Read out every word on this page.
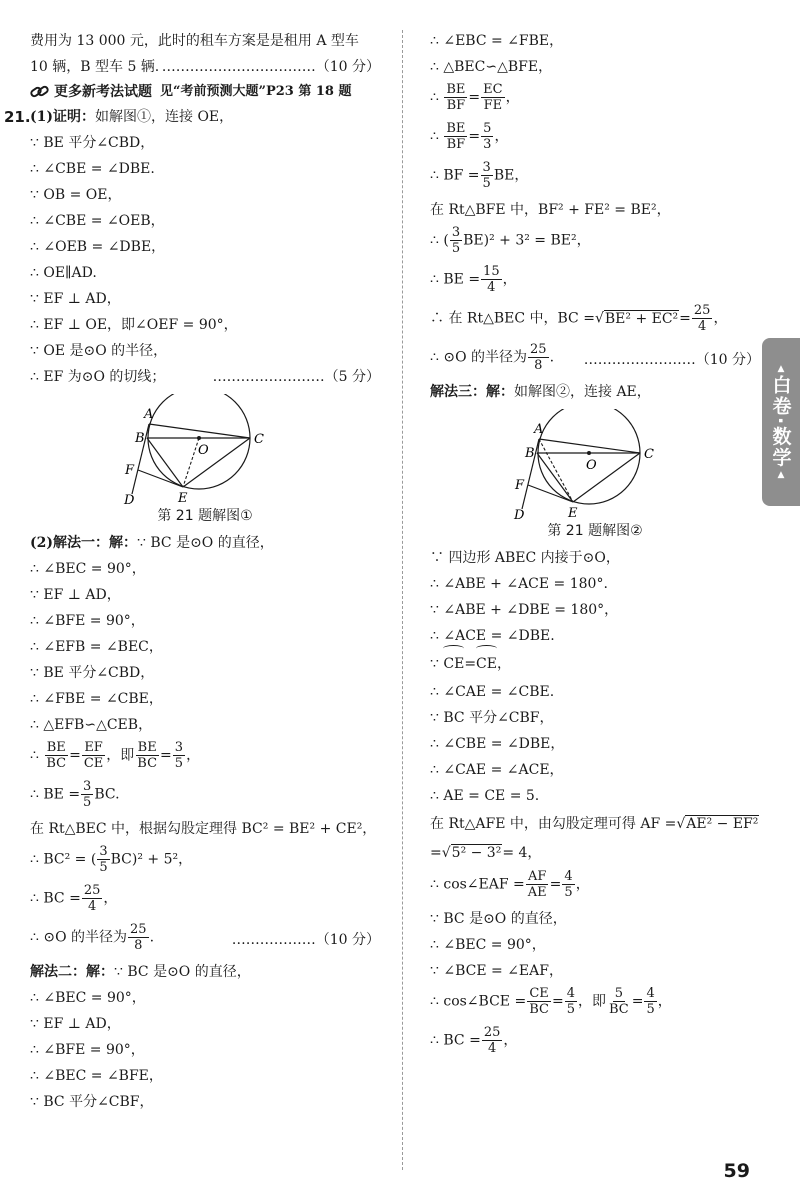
费用为 13 000 元，此时的租车方案是是租用 A 型车
10 辆，B 型车 5 辆. ……………………………（10 分）
更多新考法试题 见“考前预测大题”P23 第 18 题
21. (1)证明：如解图①，连接 OE，
∵ BE 平分∠CBD，
∴ ∠CBE = ∠DBE.
∵ OB = OE，
∴ ∠CBE = ∠OEB，
∴ ∠OEB = ∠DBE，
∴ OE∥AD.
∵ EF ⊥ AD，
∴ EF ⊥ OE，即∠OEF = 90°，
∵ OE 是⊙O 的半径，
∴ EF 为⊙O 的切线；	……………………（5 分）
A
B	C
O
F
D	E
第 21 题解图①
(2)解法一：解：∵ BC 是⊙O 的直径，
∴ ∠BEC = 90°，
∵ EF ⊥ AD，
∴ ∠BFE = 90°，
∴ ∠EFB = ∠BEC，
∵ BE 平分∠CBD，
∴ ∠FBE = ∠CBE，
∴ △EFB∽△CEB，
∴ $\frac{BE}{BC} = \frac{EF}{CE}$ ，即 $\frac{BE}{BC} = \frac{3}{5}$ ，
∴ BE = $\frac{3}{5}$ BC.
在 Rt△BEC 中，根据勾股定理得 BC² = BE² + CE²，
∴ BC² = ( $\frac{3}{5} BC)^2 + 5^2$，
∴ BC = $\frac{25}{4}$ ，
∴ ⊙O 的半径为 $\frac{25}{8}$ .	………………（10 分）
解法二：解：∵ BC 是⊙O 的直径，
∴ ∠BEC = 90°，
∵ EF ⊥ AD，
∴ ∠BFE = 90°，
∴ ∠BEC = ∠BFE，
∵ BC 平分∠CBF，
∴ ∠EBC = ∠FBE，
∴ △BEC∽△BFE，
∴ $\frac{BE}{BF} = \frac{EC}{FE}$ ，
∴ $\frac{BE}{BF} = \frac{5}{3}$ ，
∴ BF = $\frac{3}{5}$ BE，
在 Rt△BFE 中，BF² + FE² = BE²，
∴ ( $\frac{3}{5} BE)^2 + 3^2 = BE^2$，
∴ BE = $\frac{15}{4}$ ，
∴ 在 Rt△BEC 中，BC $=√BE^2 + EC^2= \frac{25}{4}$ ，
∴ ⊙O 的半径为 $\frac{25}{8}$ . ……………………（10 分）
解法三：解：如解图②，连接 AE，
A
B	C
O
F
D	E
第 21 题解图②
∵ 四边形 ABEC 内接于⊙O，
∴ ∠ABE + ∠ACE = 180°.
∵ ∠ABE + ∠DBE = 180°，
∴ ∠ACE = ∠DBE.
∵ CE=CE，
∴ ∠CAE = ∠CBE.
∵ BC 平分∠CBF，
∴ ∠CBE = ∠DBE，
∴ ∠CAE = ∠ACE，
∴ AE = CE = 5.
在 Rt△AFE 中，由勾股定理可得 AF =√AE² − EF²
=√5² − 3²= 4，
∴ cos∠EAF = $\frac{AF}{AE} = \frac{4}{5}$ ，
∵ BC 是⊙O 的直径，
∴ ∠BEC = 90°，
∵ ∠BCE = ∠EAF，
∴ cos∠BCE = $\frac{CE}{BC} = \frac{4}{5}$ ，即 $\frac{5}{BC} = \frac{4}{5}$ ，
∴ BC = $\frac{25}{4}$ ，
▲
白卷·数学
▲
59
